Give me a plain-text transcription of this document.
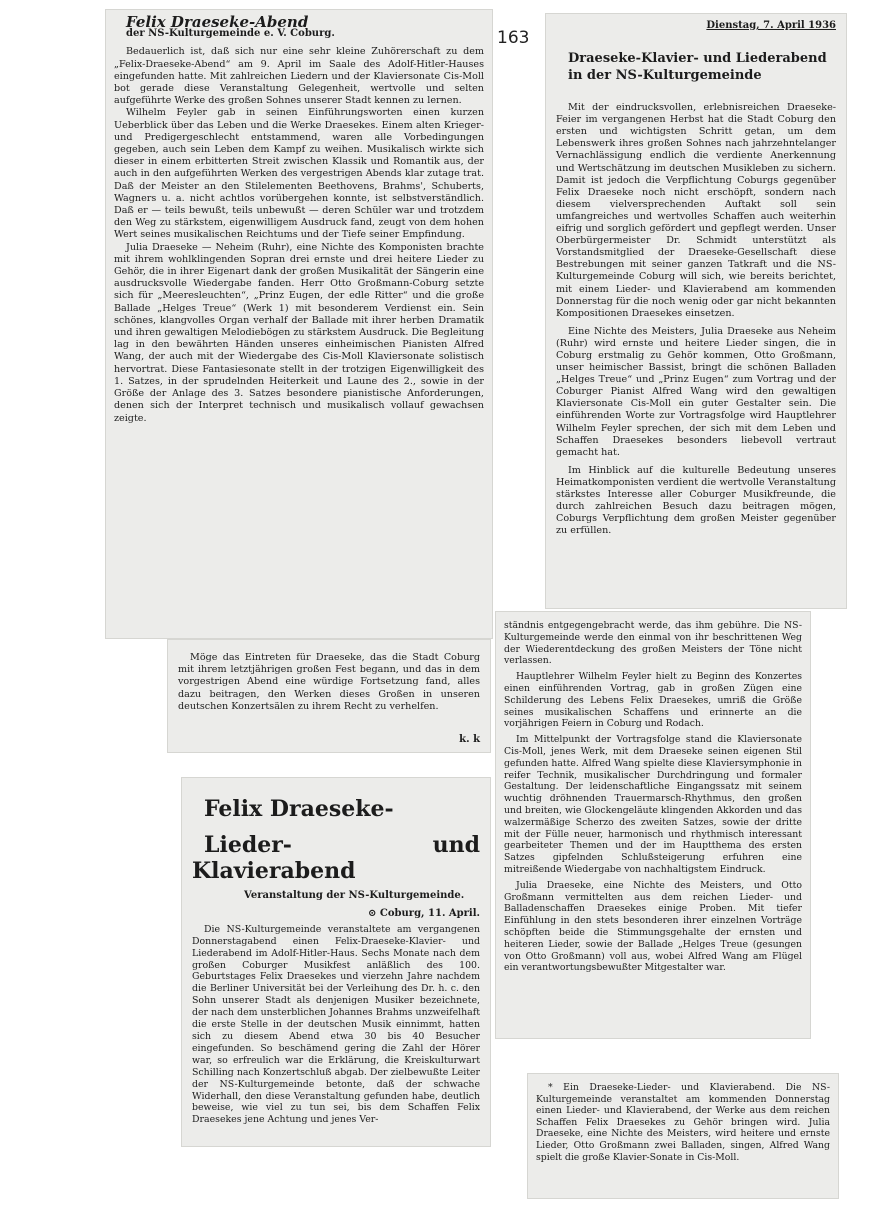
163

Felix Draeseke-Abend

der NS-Kulturgemeinde e. V. Coburg.

Bedauerlich ist, daß sich nur eine sehr kleine Zuhörerschaft zu dem „Felix-Draeseke-Abend“ am 9. April im Saale des Adolf-Hitler-Hauses eingefunden hatte. Mit zahlreichen Liedern und der Klaviersonate Cis-Moll bot gerade diese Veranstaltung Gelegenheit, wertvolle und selten aufgeführte Werke des großen Sohnes unserer Stadt kennen zu lernen.

Wilhelm Feyler gab in seinen Einführungsworten einen kurzen Ueberblick über das Leben und die Werke Draesekes. Einem alten Krieger- und Predigergeschlecht entstammend, waren alle Vorbedingungen gegeben, auch sein Leben dem Kampf zu weihen. Musikalisch wirkte sich dieser in einem erbitterten Streit zwischen Klassik und Romantik aus, der auch in den aufgeführten Werken des vergestrigen Abends klar zutage trat. Daß der Meister an den Stilelementen Beethovens, Brahms', Schuberts, Wagners u. a. nicht achtlos vorübergehen konnte, ist selbstverständlich. Daß er — teils bewußt, teils unbewußt — deren Schüler war und trotzdem den Weg zu stärkstem, eigenwilligem Ausdruck fand, zeugt von dem hohen Wert seines musikalischen Reichtums und der Tiefe seiner Empfindung.

Julia Draeseke — Neheim (Ruhr), eine Nichte des Komponisten brachte mit ihrem wohlklingenden Sopran drei ernste und drei heitere Lieder zu Gehör, die in ihrer Eigenart dank der großen Musikalität der Sängerin eine ausdrucksvolle Wiedergabe fanden. Herr Otto Großmann-Coburg setzte sich für „Meeresleuchten“, „Prinz Eugen, der edle Ritter“ und die große Ballade „Helges Treue“ (Werk 1) mit besonderem Verdienst ein. Sein schönes, klangvolles Organ verhalf der Ballade mit ihrer herben Dramatik und ihren gewaltigen Melodiebögen zu stärkstem Ausdruck. Die Begleitung lag in den bewährten Händen unseres einheimischen Pianisten Alfred Wang, der auch mit der Wiedergabe des Cis-Moll Klaviersonate solistisch hervortrat. Diese Fantasiesonate stellt in der trotzigen Eigenwilligkeit des 1. Satzes, in der sprudelnden Heiterkeit und Laune des 2., sowie in der Größe der Anlage des 3. Satzes besondere pianistische Anforderungen, denen sich der Interpret technisch und musikalisch vollauf gewachsen zeigte.

Möge das Eintreten für Draeseke, das die Stadt Coburg mit ihrem letztjährigen großen Fest begann, und das in dem vorgestrigen Abend eine würdige Fortsetzung fand, alles dazu beitragen, den Werken dieses Großen in unseren deutschen Konzertsälen zu ihrem Recht zu verhelfen.

k. k

Felix Draeseke-

Lieder- und Klavierabend

Veranstaltung der NS-Kulturgemeinde.

⊙ Coburg, 11. April.

Die NS-Kulturgemeinde veranstaltete am vergangenen Donnerstagabend einen Felix-Draeseke-Klavier- und Liederabend im Adolf-Hitler-Haus. Sechs Monate nach dem großen Coburger Musikfest anläßlich des 100. Geburtstages Felix Draesekes und vierzehn Jahre nachdem die Berliner Universität bei der Verleihung des Dr. h. c. den Sohn unserer Stadt als denjenigen Musiker bezeichnete, der nach dem unsterblichen Johannes Brahms unzweifelhaft die erste Stelle in der deutschen Musik einnimmt, hatten sich zu diesem Abend etwa 30 bis 40 Besucher eingefunden. So beschämend gering die Zahl der Hörer war, so erfreulich war die Erklärung, die Kreiskulturwart Schilling nach Konzertschluß abgab. Der zielbewußte Leiter der NS-Kulturgemeinde betonte, daß der schwache Widerhall, den diese Veranstaltung gefunden habe, deutlich beweise, wie viel zu tun sei, bis dem Schaffen Felix Draesekes jene Achtung und jenes Ver-

Dienstag, 7. April 1936

Draeseke-Klavier- und Liederabend

in der NS-Kulturgemeinde

Mit der eindrucksvollen, erlebnisreichen Draeseke-Feier im vergangenen Herbst hat die Stadt Coburg den ersten und wichtigsten Schritt getan, um dem Lebenswerk ihres großen Sohnes nach jahrzehntelanger Vernachlässigung endlich die verdiente Anerkennung und Wertschätzung im deutschen Musikleben zu sichern. Damit ist jedoch die Verpflichtung Coburgs gegenüber Felix Draeseke noch nicht erschöpft, sondern nach diesem vielversprechenden Auftakt soll sein umfangreiches und wertvolles Schaffen auch weiterhin eifrig und sorglich gefördert und gepflegt werden. Unser Oberbürgermeister Dr. Schmidt unterstützt als Vorstandsmitglied der Draeseke-Gesellschaft diese Bestrebungen mit seiner ganzen Tatkraft und die NS-Kulturgemeinde Coburg will sich, wie bereits berichtet, mit einem Lieder- und Klavierabend am kommenden Donnerstag für die noch wenig oder gar nicht bekannten Kompositionen Draesekes einsetzen.

Eine Nichte des Meisters, Julia Draeseke aus Neheim (Ruhr) wird ernste und heitere Lieder singen, die in Coburg erstmalig zu Gehör kommen, Otto Großmann, unser heimischer Bassist, bringt die schönen Balladen „Helges Treue“ und „Prinz Eugen“ zum Vortrag und der Coburger Pianist Alfred Wang wird den gewaltigen Klaviersonate Cis-Moll ein guter Gestalter sein. Die einführenden Worte zur Vortragsfolge wird Hauptlehrer Wilhelm Feyler sprechen, der sich mit dem Leben und Schaffen Draesekes besonders liebevoll vertraut gemacht hat.

Im Hinblick auf die kulturelle Bedeutung unseres Heimatkomponisten verdient die wertvolle Veranstaltung stärkstes Interesse aller Coburger Musikfreunde, die durch zahlreichen Besuch dazu beitragen mögen, Coburgs Verpflichtung dem großen Meister gegenüber zu erfüllen.

ständnis entgegengebracht werde, das ihm gebühre. Die NS-Kulturgemeinde werde den einmal von ihr beschrittenen Weg der Wiederentdeckung des großen Meisters der Töne nicht verlassen.

Hauptlehrer Wilhelm Feyler hielt zu Beginn des Konzertes einen einführenden Vortrag, gab in großen Zügen eine Schilderung des Lebens Felix Draesekes, umriß die Größe seines musikalischen Schaffens und erinnerte an die vorjährigen Feiern in Coburg und Rodach.

Im Mittelpunkt der Vortragsfolge stand die Klaviersonate Cis-Moll, jenes Werk, mit dem Draeseke seinen eigenen Stil gefunden hatte. Alfred Wang spielte diese Klaviersymphonie in reifer Technik, musikalischer Durchdringung und formaler Gestaltung. Der leidenschaftliche Eingangssatz mit seinem wuchtig dröhnenden Trauermarsch-Rhythmus, den großen und breiten, wie Glockengeläute klingenden Akkorden und das walzermäßige Scherzo des zweiten Satzes, sowie der dritte mit der Fülle neuer, harmonisch und rhythmisch interessant gearbeiteter Themen und der im Hauptthema des ersten Satzes gipfelnden Schlußsteigerung erfuhren eine mitreißende Wiedergabe von nachhaltigstem Eindruck.

Julia Draeseke, eine Nichte des Meisters, und Otto Großmann vermittelten aus dem reichen Lieder- und Balladenschaffen Draesekes einige Proben. Mit tiefer Einfühlung in den stets besonderen ihrer einzelnen Vorträge schöpften beide die Stimmungsgehalte der ernsten und heiteren Lieder, sowie der Ballade „Helges Treue (gesungen von Otto Großmann) voll aus, wobei Alfred Wang am Flügel ein verantwortungsbewußter Mitgestalter war.

* Ein Draeseke-Lieder- und Klavierabend. Die NS-Kulturgemeinde veranstaltet am kommenden Donnerstag einen Lieder- und Klavierabend, der Werke aus dem reichen Schaffen Felix Draesekes zu Gehör bringen wird. Julia Draeseke, eine Nichte des Meisters, wird heitere und ernste Lieder, Otto Großmann zwei Balladen, singen, Alfred Wang spielt die große Klavier-Sonate in Cis-Moll.
